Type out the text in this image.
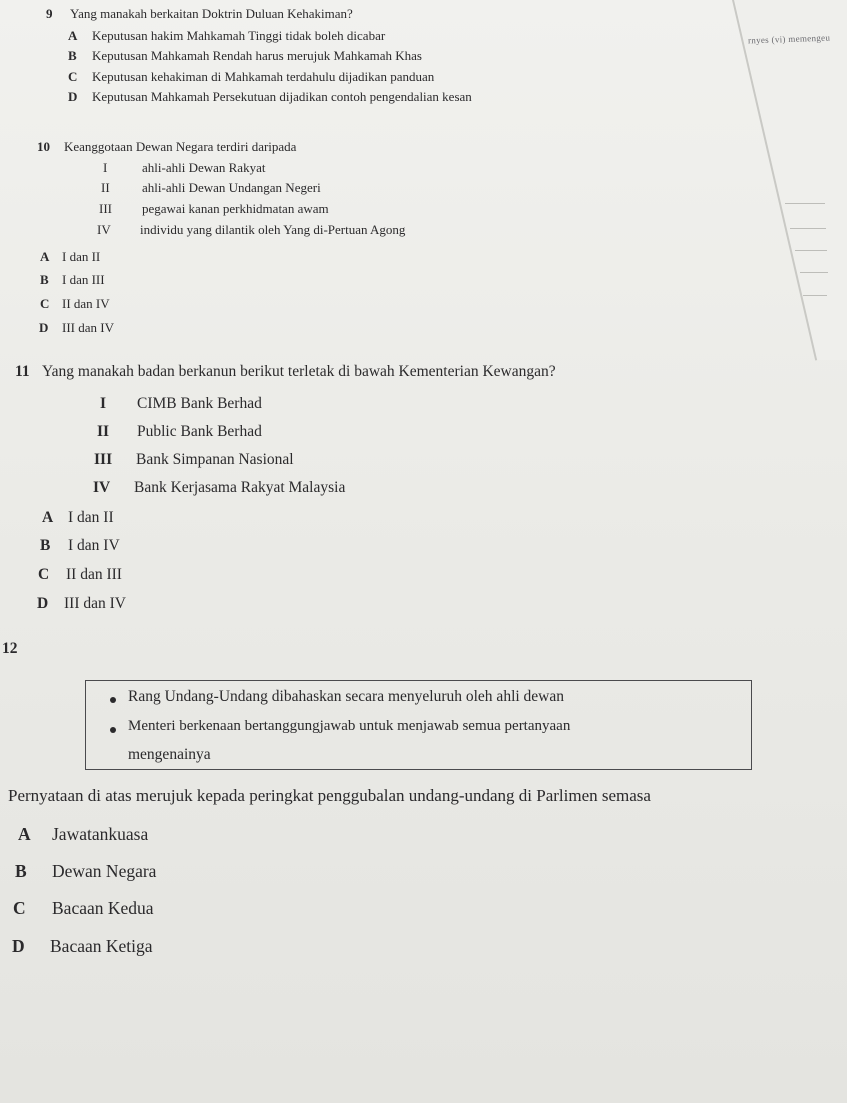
rnyes (vi) memengeu
9 Yang manakah berkaitan Doktrin Duluan Kehakiman?
A Keputusan hakim Mahkamah Tinggi tidak boleh dicabar
B Keputusan Mahkamah Rendah harus merujuk Mahkamah Khas
C Keputusan kehakiman di Mahkamah terdahulu dijadikan panduan
D Keputusan Mahkamah Persekutuan dijadikan contoh pengendalian kesan
10 Keanggotaan Dewan Negara terdiri daripada
I	ahli-ahli Dewan Rakyat
II ahli-ahli Dewan Undangan Negeri
III pegawai kanan perkhidmatan awam
IV individu yang dilantik oleh Yang di-Pertuan Agong
A I dan II
B I dan III
C II dan IV
D III dan IV
11 Yang manakah badan berkanun berikut terletak di bawah Kementerian Kewangan?
I CIMB Bank Berhad
II Public Bank Berhad
III Bank Simpanan Nasional
IV Bank Kerjasama Rakyat Malaysia
A I dan II
B I dan IV
C II dan III
D III dan IV
12
Rang Undang-Undang dibahaskan secara menyeluruh oleh ahli dewan
Menteri berkenaan bertanggungjawab untuk menjawab semua pertanyaan
mengenainya
Pernyataan di atas merujuk kepada peringkat penggubalan undang-undang di Parlimen semasa
A Jawatankuasa
B Dewan Negara
C Bacaan Kedua
D Bacaan Ketiga
